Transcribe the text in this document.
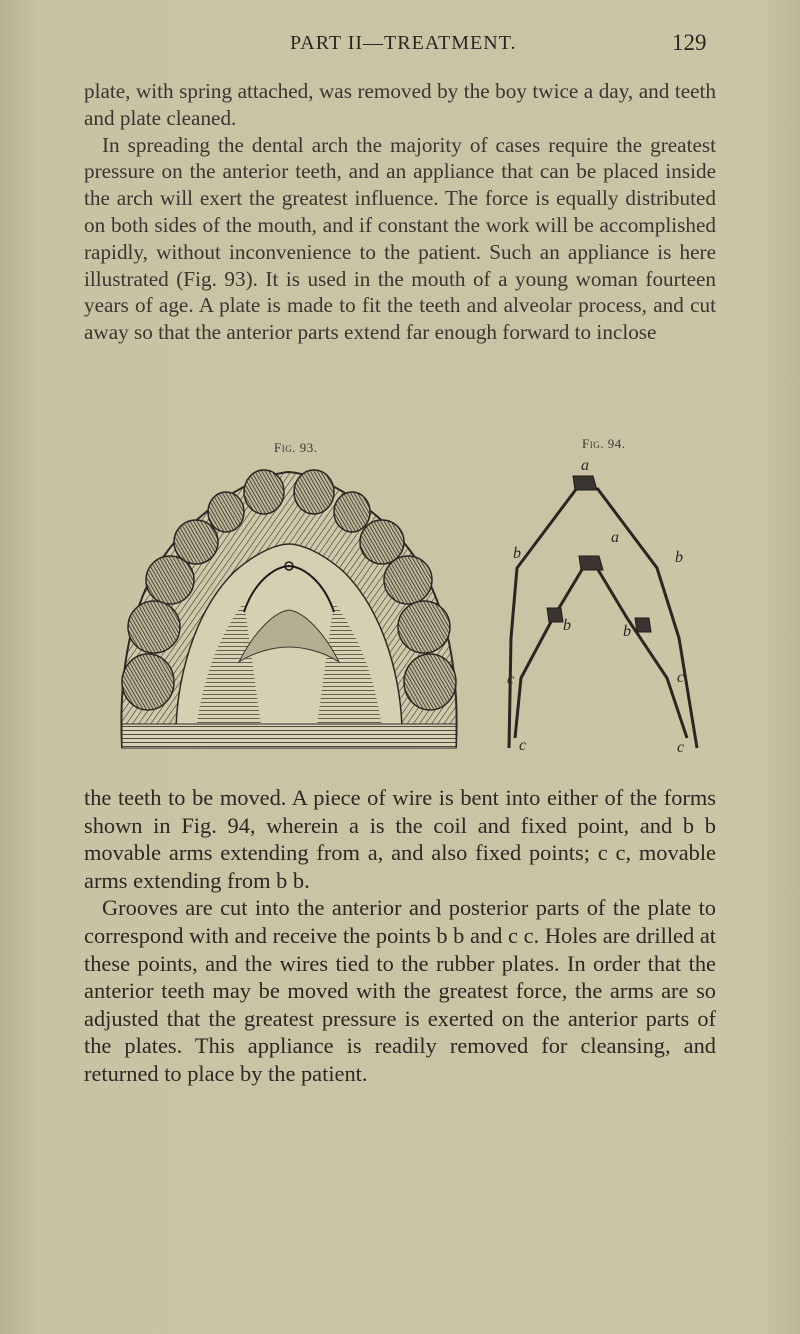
PART II—TREATMENT.	129

plate, with spring attached, was removed by the boy twice a day, and teeth and plate cleaned.

In spreading the dental arch the majority of cases require the greatest pressure on the anterior teeth, and an appliance that can be placed inside the arch will exert the greatest influence. The force is equally distributed on both sides of the mouth, and if constant the work will be accomplished rapidly, without inconvenience to the patient. Such an appliance is here illustrated (Fig. 93). It is used in the mouth of a young woman fourteen years of age. A plate is made to fit the teeth and alveolar process, and cut away so that the anterior parts extend far enough forward to inclose

Fig. 93.	Fig. 94.
a
a
b	b
b	b
c	c
c	c

the teeth to be moved. A piece of wire is bent into either of the forms shown in Fig. 94, wherein a is the coil and fixed point, and b b movable arms extending from a, and also fixed points; c c, movable arms extending from b b.

Grooves are cut into the anterior and posterior parts of the plate to correspond with and receive the points b b and c c. Holes are drilled at these points, and the wires tied to the rubber plates. In order that the anterior teeth may be moved with the greatest force, the arms are so adjusted that the greatest pressure is exerted on the anterior parts of the plates. This appliance is readily removed for cleansing, and returned to place by the patient.
